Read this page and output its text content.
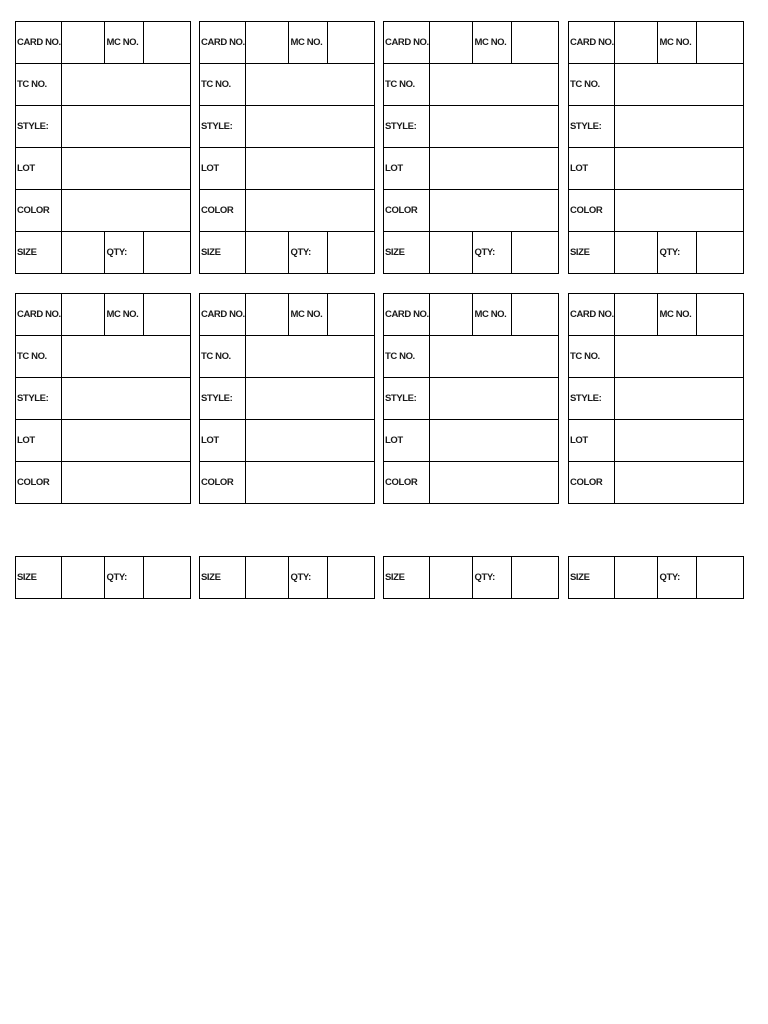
CARD NO.	MC NO.
TC NO.
STYLE:
LOT
COLOR
SIZE	QTY:
CARD NO.	MC NO.
TC NO.
STYLE:
LOT
COLOR
SIZE	QTY:
CARD NO.	MC NO.
TC NO.
STYLE:
LOT
COLOR
SIZE	QTY:
CARD NO.	MC NO.
TC NO.
STYLE:
LOT
COLOR
SIZE	QTY:
CARD NO.	MC NO.
TC NO.
STYLE:
LOT
COLOR
CARD NO.	MC NO.
TC NO.
STYLE:
LOT
COLOR
CARD NO.	MC NO.
TC NO.
STYLE:
LOT
COLOR
CARD NO.	MC NO.
TC NO.
STYLE:
LOT
COLOR
SIZE	QTY:	SIZE	QTY:	SIZE	QTY:	SIZE	QTY:
